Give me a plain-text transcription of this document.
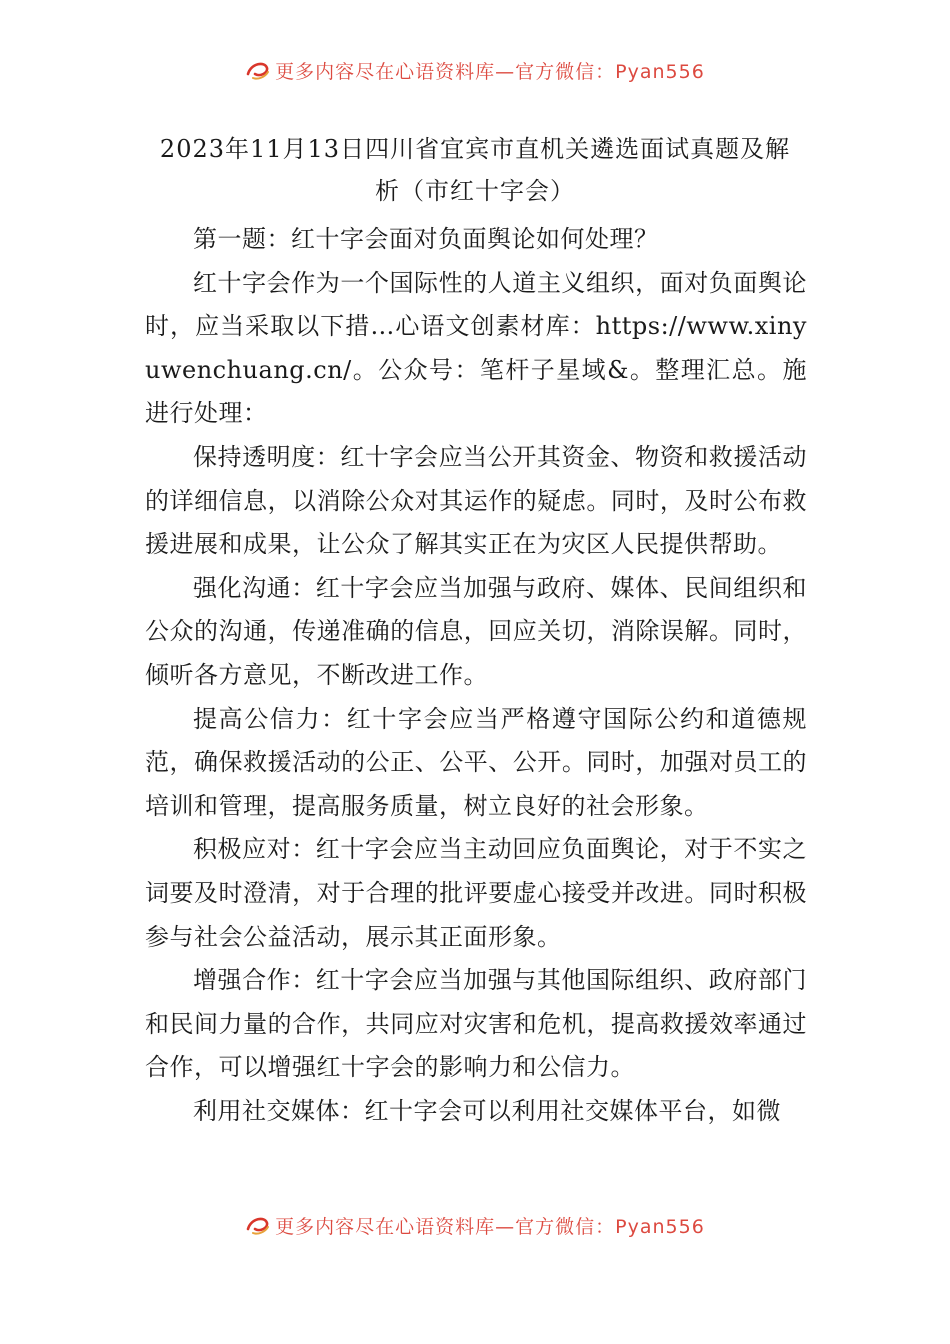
更多内容尽在心语资料库—官方微信：Pyan556
2023年11月13日四川省宜宾市直机关遴选面试真题及解
析（市红十字会）

第一题：红十字会面对负面舆论如何处理？

红十字会作为一个国际性的人道主义组织，面对负面舆论时，应当采取以下措…心语文创素材库：https://www.xinyuwenchuang.cn/。公众号：笔杆子星域&。整理汇总。施进行处理：

保持透明度：红十字会应当公开其资金、物资和救援活动的详细信息，以消除公众对其运作的疑虑。同时，及时公布救援进展和成果，让公众了解其实正在为灾区人民提供帮助。

强化沟通：红十字会应当加强与政府、媒体、民间组织和公众的沟通，传递准确的信息，回应关切，消除误解。同时，倾听各方意见，不断改进工作。

提高公信力：红十字会应当严格遵守国际公约和道德规范，确保救援活动的公正、公平、公开。同时，加强对员工的培训和管理，提高服务质量，树立良好的社会形象。

积极应对：红十字会应当主动回应负面舆论，对于不实之词要及时澄清，对于合理的批评要虚心接受并改进。同时积极参与社会公益活动，展示其正面形象。

增强合作：红十字会应当加强与其他国际组织、政府部门和民间力量的合作，共同应对灾害和危机，提高救援效率通过合作，可以增强红十字会的影响力和公信力。

利用社交媒体：红十字会可以利用社交媒体平台，如微

更多内容尽在心语资料库—官方微信：Pyan556
